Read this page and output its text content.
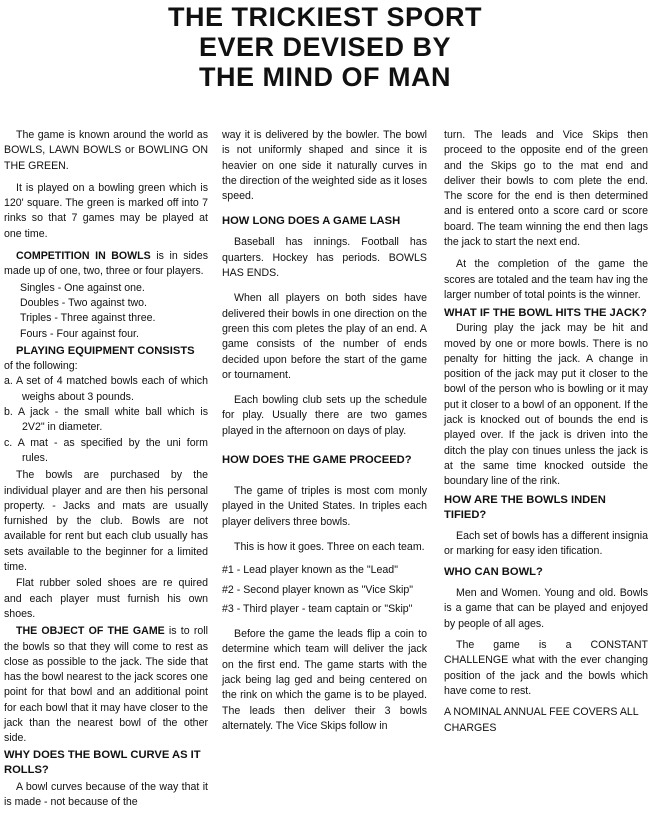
THE TRICKIEST SPORT
EVER DEVISED BY
THE MIND OF MAN

The game is known around the world as BOWLS, LAWN BOWLS or BOWLING ON THE GREEN.

It is played on a bowling green which is 120' square. The green is marked off into 7 rinks so that 7 games may be played at one time.

COMPETITION IN BOWLS is in sides made up of one, two, three or four players.

Singles - One against one.
Doubles - Two against two.
Triples - Three against three.
Fours - Four against four.
PLAYING EQUIPMENT CONSISTS
of the following:
a. A set of 4 matched bowls each of which weighs about 3 pounds.
b. A jack - the small white ball which is 2V2" in diameter.
c. A mat - as specified by the uni form rules.

The bowls are purchased by the individual player and are then his personal property. - Jacks and mats are usually furnished by the club. Bowls are not available for rent but each club usually has sets available to the beginner for a limited time.

Flat rubber soled shoes are re quired and each player must furnish his own shoes.

THE OBJECT OF THE GAME is to roll the bowls so that they will come to rest as close as possible to the jack. The side that has the bowl nearest to the jack scores one point for that bowl and an additional point for each bowl that it may have closer to the jack than the nearest bowl of the other side.

WHY DOES THE BOWL CURVE AS IT ROLLS?

A bowl curves because of the way that it is made - not because of the

way it is delivered by the bowler. The bowl is not uniformly shaped and since it is heavier on one side it naturally curves in the direction of the weighted side as it loses speed.

HOW LONG DOES A GAME LASH

Baseball has innings. Football has quarters. Hockey has periods. BOWLS HAS ENDS.

When all players on both sides have delivered their bowls in one direction on the green this com pletes the play of an end. A game consists of the number of ends decided upon before the start of the game or tournament.

Each bowling club sets up the schedule for play. Usually there are two games played in the afternoon on days of play.

HOW DOES THE GAME PROCEED?

The game of triples is most com monly played in the United States. In triples each player delivers three bowls.

This is how it goes. Three on each team.

#1 - Lead player known as the "Lead"
#2 - Second player known as "Vice Skip"
#3 - Third player - team captain or "Skip"

Before the game the leads flip a coin to determine which team will deliver the jack on the first end. The game starts with the jack being lag ged and being centered on the rink on which the game is to be played. The leads then deliver their 3 bowls alternately. The Vice Skips follow in

turn. The leads and Vice Skips then proceed to the opposite end of the green and the Skips go to the mat end and deliver their bowls to com plete the end. The score for the end is then determined and is entered onto a score card or score board. The team winning the end then lags the jack to start the next end.

At the completion of the game the scores are totaled and the team hav ing the larger number of total points is the winner.

WHAT IF THE BOWL HITS THE JACK?

During play the jack may be hit and moved by one or more bowls. There is no penalty for hitting the jack. A change in position of the jack may put it closer to the bowl of the person who is bowling or it may put it closer to a bowl of an opponent. If the jack is knocked out of bounds the end is played over. If the jack is driven into the ditch the play con tinues unless the jack is at the same time knocked outside the boundary line of the rink.

HOW ARE THE BOWLS INDEN TIFIED?

Each set of bowls has a different insignia or marking for easy iden tification.

WHO CAN BOWL?

Men and Women. Young and old. Bowls is a game that can be played and enjoyed by people of all ages.

The game is a CONSTANT CHALLENGE what with the ever changing position of the jack and the bowls which have come to rest.

A NOMINAL ANNUAL FEE COVERS ALL CHARGES
